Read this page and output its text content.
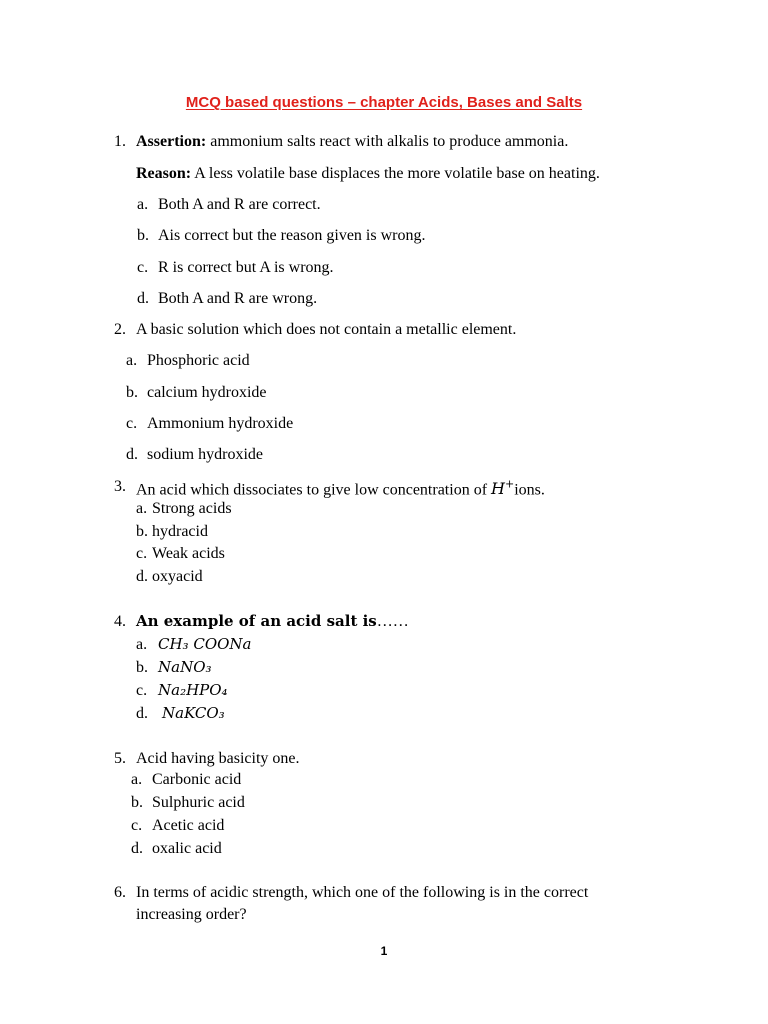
MCQ based questions – chapter Acids, Bases and Salts
1. Assertion: ammonium salts react with alkalis to produce ammonia.
Reason: A less volatile base displaces the more volatile base on heating.
a. Both A and R are correct.
b. Ais correct but the reason given is wrong.
c. R is correct but A is wrong.
d. Both A and R are wrong.
2. A basic solution which does not contain a metallic element.
a. Phosphoric acid
b. calcium hydroxide
c. Ammonium hydroxide
d. sodium hydroxide
3. An acid which dissociates to give low concentration of H+ions.
a. Strong acids
b. hydracid
c. Weak acids
d. oxyacid
4. An example of an acid salt is……
a. CH₃ COONa
b. NaNO₃
c. Na₂HPO₄
d. NaKCO₃
5. Acid having basicity one.
a. Carbonic acid
b. Sulphuric acid
c. Acetic acid
d. oxalic acid
6. In terms of acidic strength, which one of the following is in the correct
increasing order?
1
